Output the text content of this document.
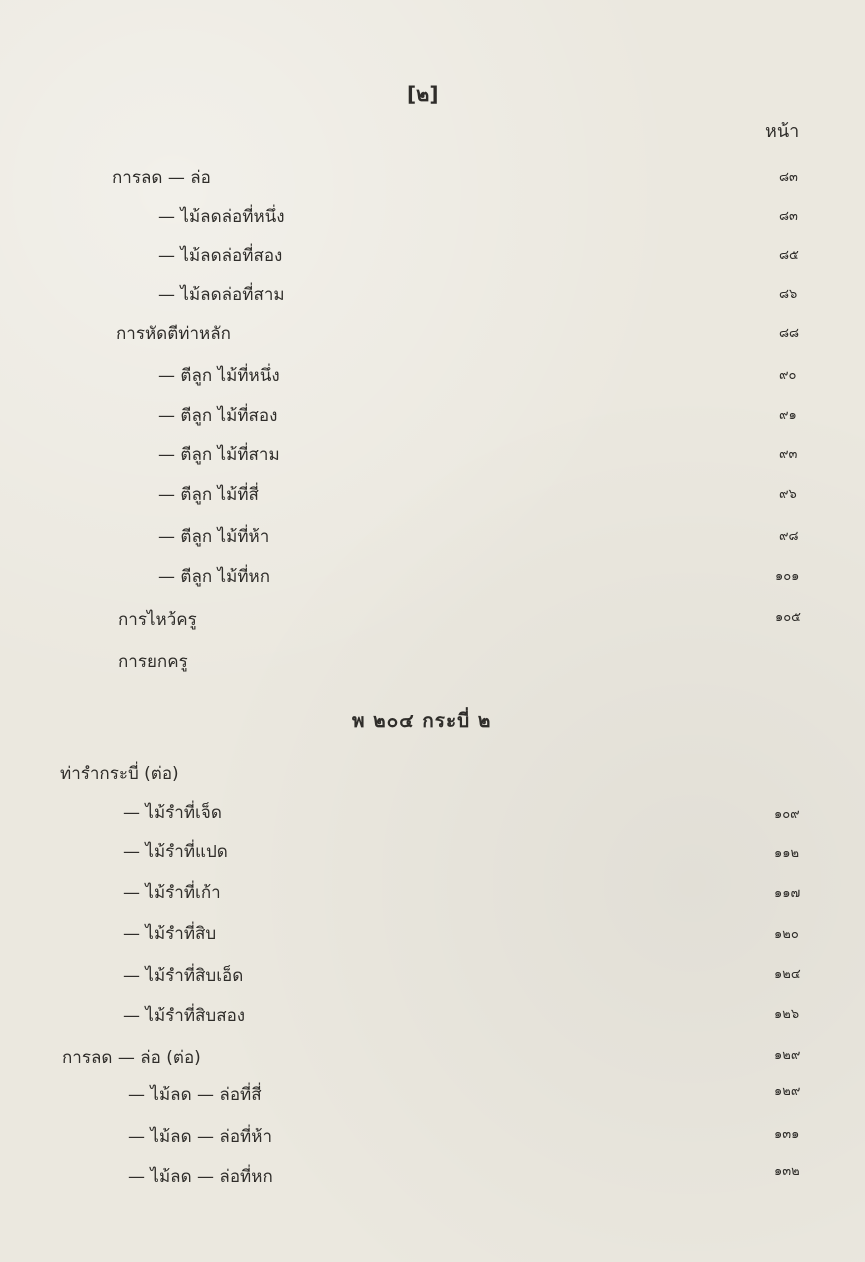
[๒]
หน้า
การลด — ล่อ	๘๓
— ไม้ลดล่อที่หนึ่ง	๘๓
— ไม้ลดล่อที่สอง	๘๕
— ไม้ลดล่อที่สาม	๘๖
การหัดตีท่าหลัก	๘๘
— ตีลูก ไม้ที่หนึ่ง	๙๐
— ตีลูก ไม้ที่สอง	๙๑
— ตีลูก ไม้ที่สาม	๙๓
— ตีลูก ไม้ที่สี่	๙๖
— ตีลูก ไม้ที่ห้า	๙๘
— ตีลูก ไม้ที่หก	๑๐๑
การไหว้ครู	๑๐๕
การยกครู
พ ๒๐๔ กระบี่ ๒
ท่ารำกระบี่ (ต่อ)
— ไม้รำที่เจ็ด	๑๐๙
— ไม้รำที่แปด	๑๑๒
— ไม้รำที่เก้า	๑๑๗
— ไม้รำที่สิบ	๑๒๐
— ไม้รำที่สิบเอ็ด	๑๒๔
— ไม้รำที่สิบสอง	๑๒๖
การลด — ล่อ (ต่อ)	๑๒๙
— ไม้ลด — ล่อที่สี่	๑๒๙
— ไม้ลด — ล่อที่ห้า	๑๓๑
— ไม้ลด — ล่อที่หก	๑๓๒
